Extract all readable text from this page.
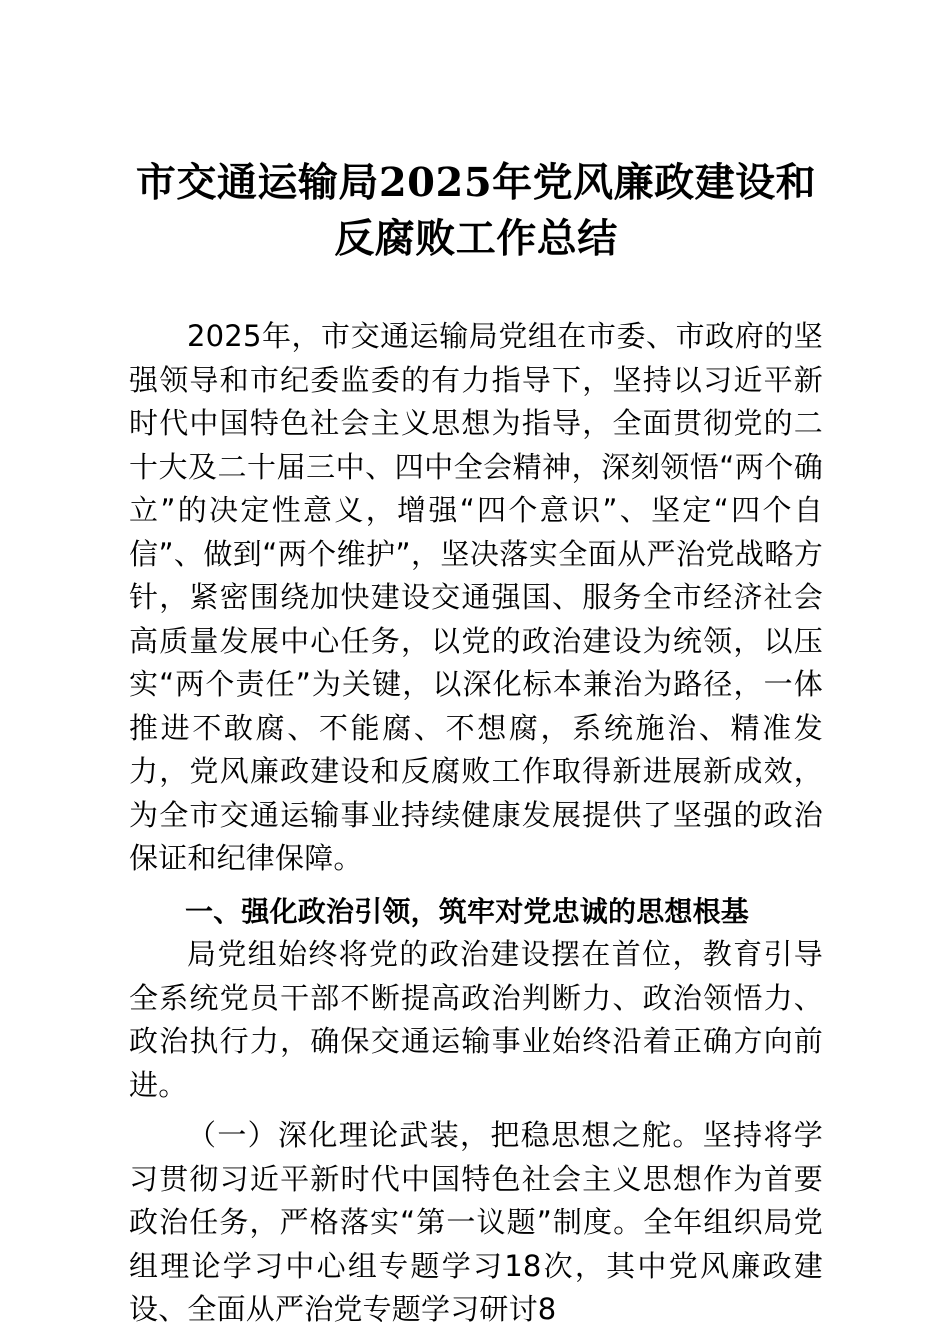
市交通运输局2025年党风廉政建设和反腐败工作总结

2025年，市交通运输局党组在市委、市政府的坚强领导和市纪委监委的有力指导下，坚持以习近平新时代中国特色社会主义思想为指导，全面贯彻党的二十大及二十届三中、四中全会精神，深刻领悟“两个确立”的决定性意义，增强“四个意识”、坚定“四个自信”、做到“两个维护”，坚决落实全面从严治党战略方针，紧密围绕加快建设交通强国、服务全市经济社会高质量发展中心任务，以党的政治建设为统领，以压实“两个责任”为关键，以深化标本兼治为路径，一体推进不敢腐、不能腐、不想腐，系统施治、精准发力，党风廉政建设和反腐败工作取得新进展新成效，为全市交通运输事业持续健康发展提供了坚强的政治保证和纪律保障。

一、强化政治引领，筑牢对党忠诚的思想根基

局党组始终将党的政治建设摆在首位，教育引导全系统党员干部不断提高政治判断力、政治领悟力、政治执行力，确保交通运输事业始终沿着正确方向前进。

（一）深化理论武装，把稳思想之舵。坚持将学习贯彻习近平新时代中国特色社会主义思想作为首要政治任务，严格落实“第一议题”制度。全年组织局党组理论学习中心组专题学习18次，其中党风廉政建设、全面从严治党专题学习研讨8
